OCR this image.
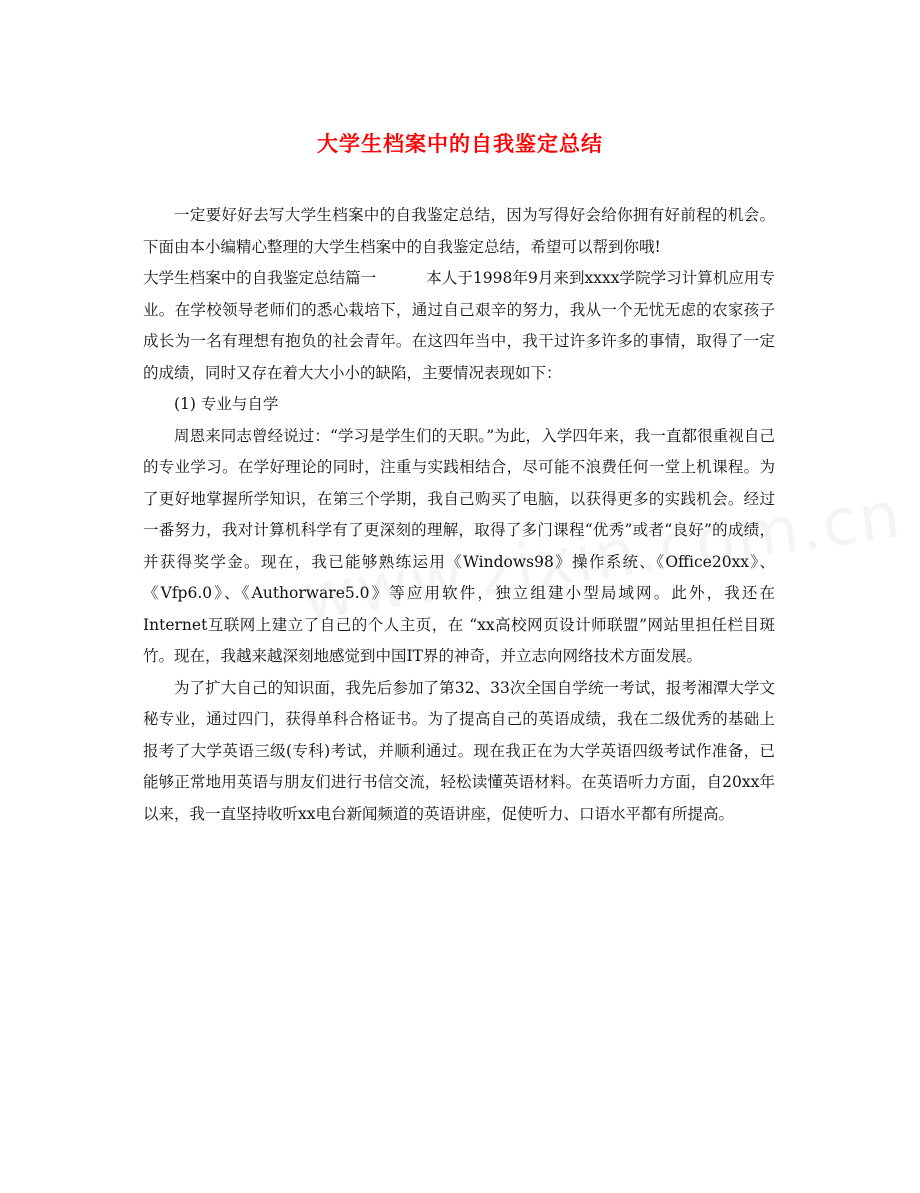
大学生档案中的自我鉴定总结

一定要好好去写大学生档案中的自我鉴定总结，因为写得好会给你拥有好前程的机会。下面由本小编精心整理的大学生档案中的自我鉴定总结，希望可以帮到你哦!

大学生档案中的自我鉴定总结篇一	本人于1998年9月来到xxxx学院学习计算机应用专业。在学校领导老师们的悉心栽培下，通过自己艰辛的努力，我从一个无忧无虑的农家孩子成长为一名有理想有抱负的社会青年。在这四年当中，我干过许多许多的事情，取得了一定的成绩，同时又存在着大大小小的缺陷，主要情况表现如下：

(1) 专业与自学

周恩来同志曾经说过：“学习是学生们的天职。”为此，入学四年来，我一直都很重视自己的专业学习。在学好理论的同时，注重与实践相结合，尽可能不浪费任何一堂上机课程。为了更好地掌握所学知识，在第三个学期，我自己购买了电脑，以获得更多的实践机会。经过一番努力，我对计算机科学有了更深刻的理解，取得了多门课程“优秀”或者“良好”的成绩，并获得奖学金。现在，我已能够熟练运用《Windows98》操作系统、《Office20xx》、《Vfp6.0》、《Authorware5.0》等应用软件，独立组建小型局域网。此外，我还在Internet互联网上建立了自己的个人主页，在 “xx高校网页设计师联盟”网站里担任栏目斑竹。现在，我越来越深刻地感觉到中国IT界的神奇，并立志向网络技术方面发展。

为了扩大自己的知识面，我先后参加了第32、33次全国自学统一考试，报考湘潭大学文秘专业，通过四门，获得单科合格证书。为了提高自己的英语成绩，我在二级优秀的基础上报考了大学英语三级(专科)考试，并顺利通过。现在我正在为大学英语四级考试作准备，已能够正常地用英语与朋友们进行书信交流，轻松读懂英语材料。在英语听力方面，自20xx年以来，我一直坚持收听xx电台新闻频道的英语讲座，促使听力、口语水平都有所提高。
